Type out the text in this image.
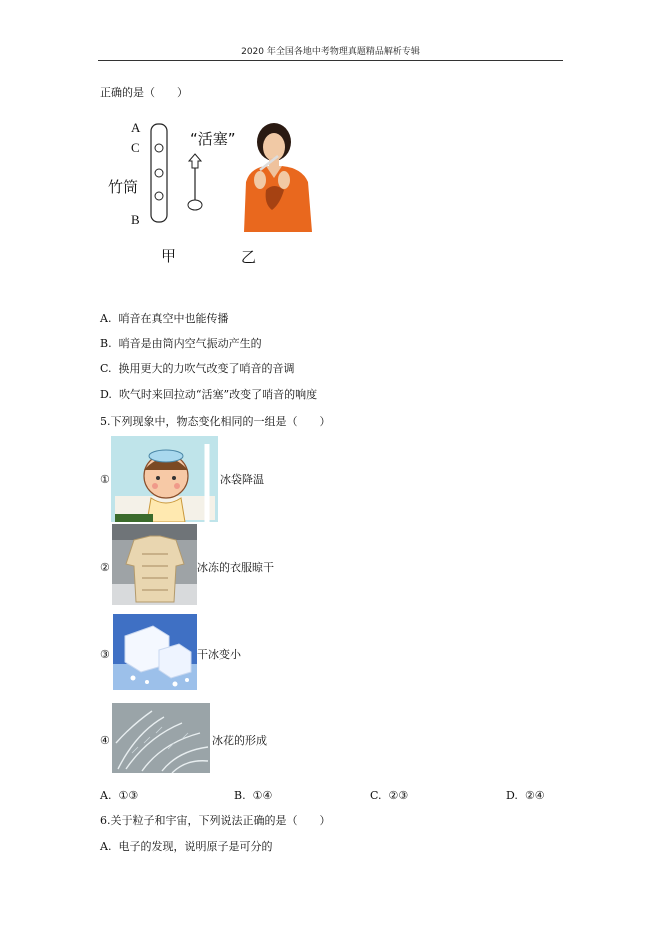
2020 年全国各地中考物理真题精品解析专辑
正确的是（　　）
A
C
B
竹筒
“活塞”
甲	乙
A. 哨音在真空中也能传播
B. 哨音是由筒内空气振动产生的
C. 换用更大的力吹气改变了哨音的音调
D. 吹气时来回拉动“活塞”改变了哨音的响度
5.下列现象中，物态变化相同的一组是（　　）
①	冰袋降温
②	冰冻的衣服晾干
③	干冰变小
④	冰花的形成
A. ①③	B. ①④	C. ②③	D. ②④
6.关于粒子和宇宙，下列说法正确的是（　　）
A. 电子的发现，说明原子是可分的
